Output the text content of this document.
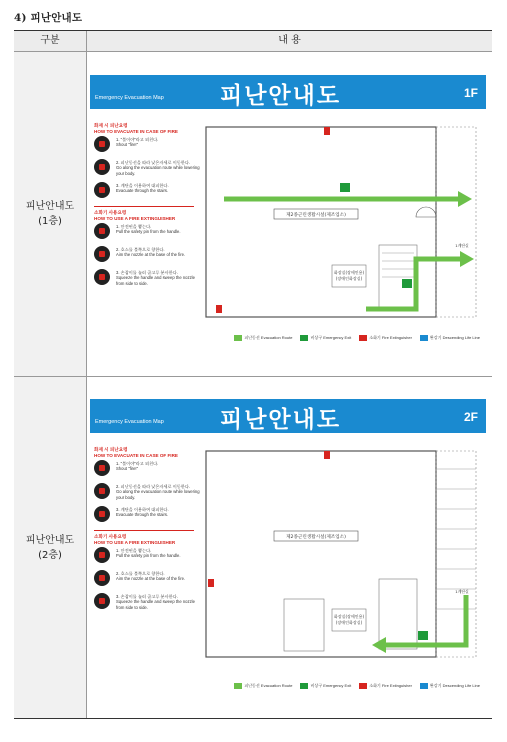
4) 피난안내도
구분	내 용
피난안내도
(1층)
Emergency Evacuation Map 피난안내도	1F
화재 시 피난요령
HOW TO EVACUATE IN CASE OF FIRE
1. "불이야"라고 외친다.
Shout "fire!"
2. 피난동선을 따라 낮은자세로 이동한다.
Go along the evacuation route while lowering your body.
3. 계단을 이용하여 대피한다.
Evacuate through the stairs.
소화기 사용요령
HOW TO USE A FIRE EXTINGUISHER
1. 안전핀을 뽑는다.
Pull the safety pin from the handle.
2. 호스를 불쪽으로 향한다.
Aim the nozzle at the base of the fire.
3. 손잡이를 눌러 골고루 분사한다.
Squeeze the handle and sweep the nozzle from side to side.
화장실(장애인용)
(장애인화장실)
제2종근린생활시설(제조업소)
1계단실
피난동선 Evacuation Route	비상구 Emergency Exit	소화기 Fire Extinguisher	완강기 Descending Life Line
피난안내도
(2층)
Emergency Evacuation Map 피난안내도	2F
화재 시 피난요령
HOW TO EVACUATE IN CASE OF FIRE
1. "불이야"라고 외친다.
Shout "fire!"
2. 피난동선을 따라 낮은자세로 이동한다.
Go along the evacuation route while lowering your body.
3. 계단을 이용하여 대피한다.
Evacuate through the stairs.
소화기 사용요령
HOW TO USE A FIRE EXTINGUISHER
1. 안전핀을 뽑는다.
Pull the safety pin from the handle.
2. 호스를 불쪽으로 향한다.
Aim the nozzle at the base of the fire.
3. 손잡이를 눌러 골고루 분사한다.
Squeeze the handle and sweep the nozzle from side to side.
제2종근린생활시설(제조업소)
화장실(장애인용)
(장애인화장실)
1계단실
피난동선 Evacuation Route	비상구 Emergency Exit	소화기 Fire Extinguisher	완강기 Descending Life Line
